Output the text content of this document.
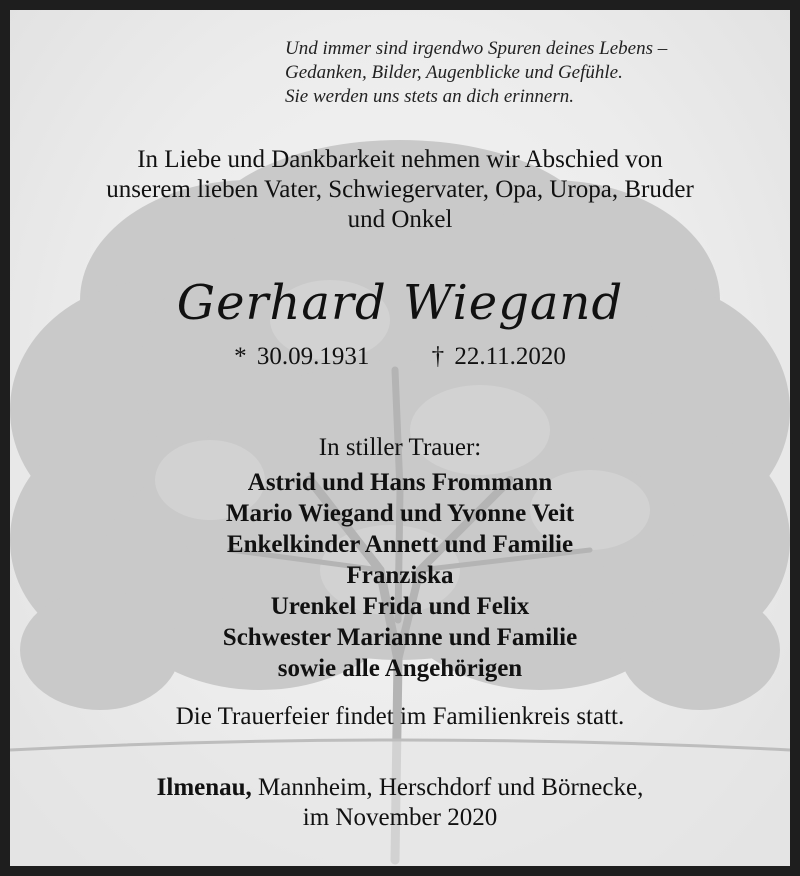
Und immer sind irgendwo Spuren deines Lebens –
Gedanken, Bilder, Augenblicke und Gefühle.
Sie werden uns stets an dich erinnern.
In Liebe und Dankbarkeit nehmen wir Abschied von
unserem lieben Vater, Schwiegervater, Opa, Uropa, Bruder
und Onkel
Gerhard Wiegand
* 30.09.1931 † 22.11.2020
In stiller Trauer:
Astrid und Hans Frommann
Mario Wiegand und Yvonne Veit
Enkelkinder Annett und Familie
Franziska
Urenkel Frida und Felix
Schwester Marianne und Familie
sowie alle Angehörigen
Die Trauerfeier findet im Familienkreis statt.
Ilmenau, Mannheim, Herschdorf und Börnecke,
im November 2020
